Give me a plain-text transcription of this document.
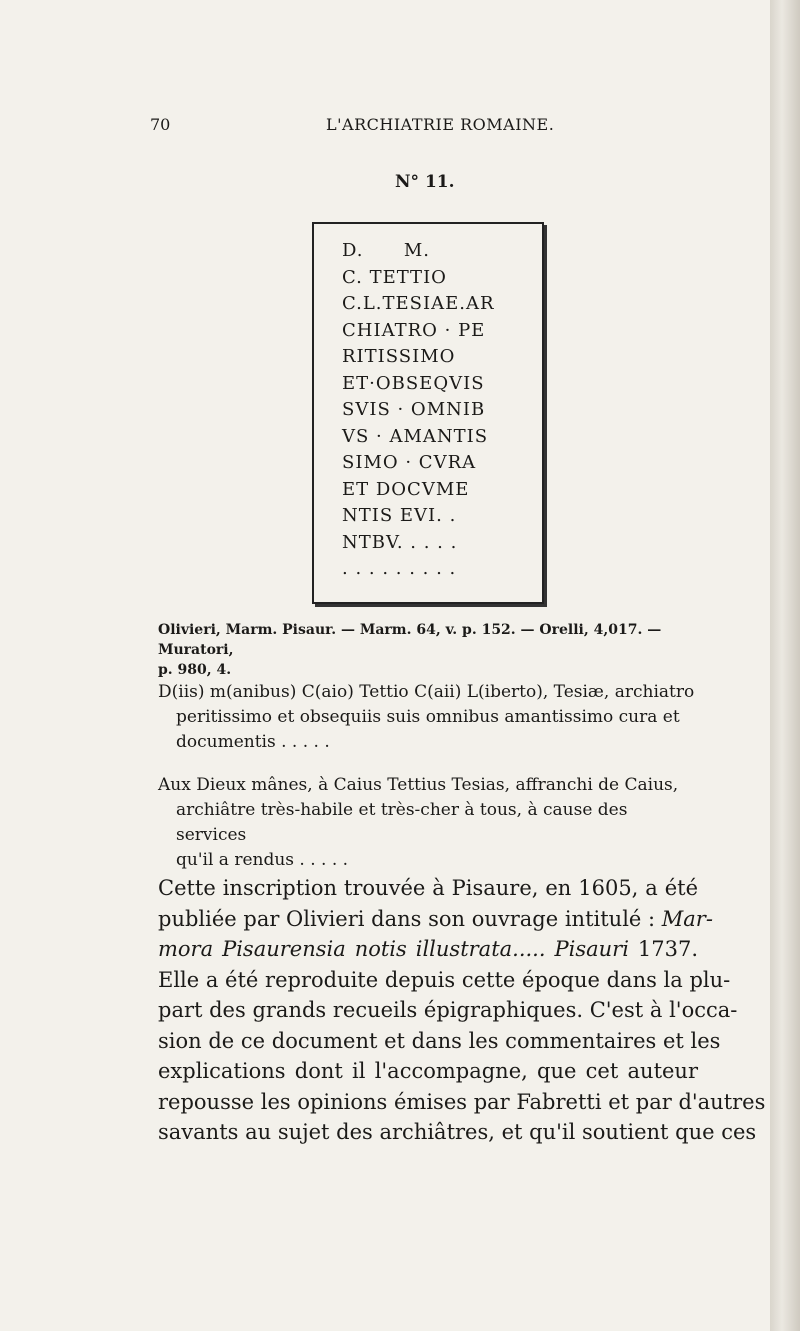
70	L'ARCHIATRIE ROMAINE.
N° 11.
D.      M.
C. TETTIO
C.L.TESIAE.AR
CHIATRO · PE
RITISSIMO
ET·OBSEQVIS
SVIS · OMNIB
VS · AMANTIS
SIMO · CVRA
ET DOCVME
NTIS EVI. .
NTBV. . . . .
. . . . . . . . .
Olivieri, Marm. Pisaur. — Marm. 64, v. p. 152. — Orelli, 4,017. — Muratori,
p. 980, 4.
D(iis) m(anibus) C(aio) Tettio C(aii) L(iberto), Tesiæ, archiatro
peritissimo et obsequiis suis omnibus amantissimo cura et
documentis . . . . .
Aux Dieux mânes, à Caius Tettius Tesias, affranchi de Caius,
archiâtre très-habile et très-cher à tous, à cause des services
qu'il a rendus . . . . .
Cette inscription trouvée à Pisaure, en 1605, a été
publiée par Olivieri dans son ouvrage intitulé : Mar-
mora Pisaurensia notis illustrata..... Pisauri 1737.
Elle a été reproduite depuis cette époque dans la plu-
part des grands recueils épigraphiques. C'est à l'occa-
sion de ce document et dans les commentaires et les
explications dont il l'accompagne, que cet auteur
repousse les opinions émises par Fabretti et par d'autres
savants au sujet des archiâtres, et qu'il soutient que ces
